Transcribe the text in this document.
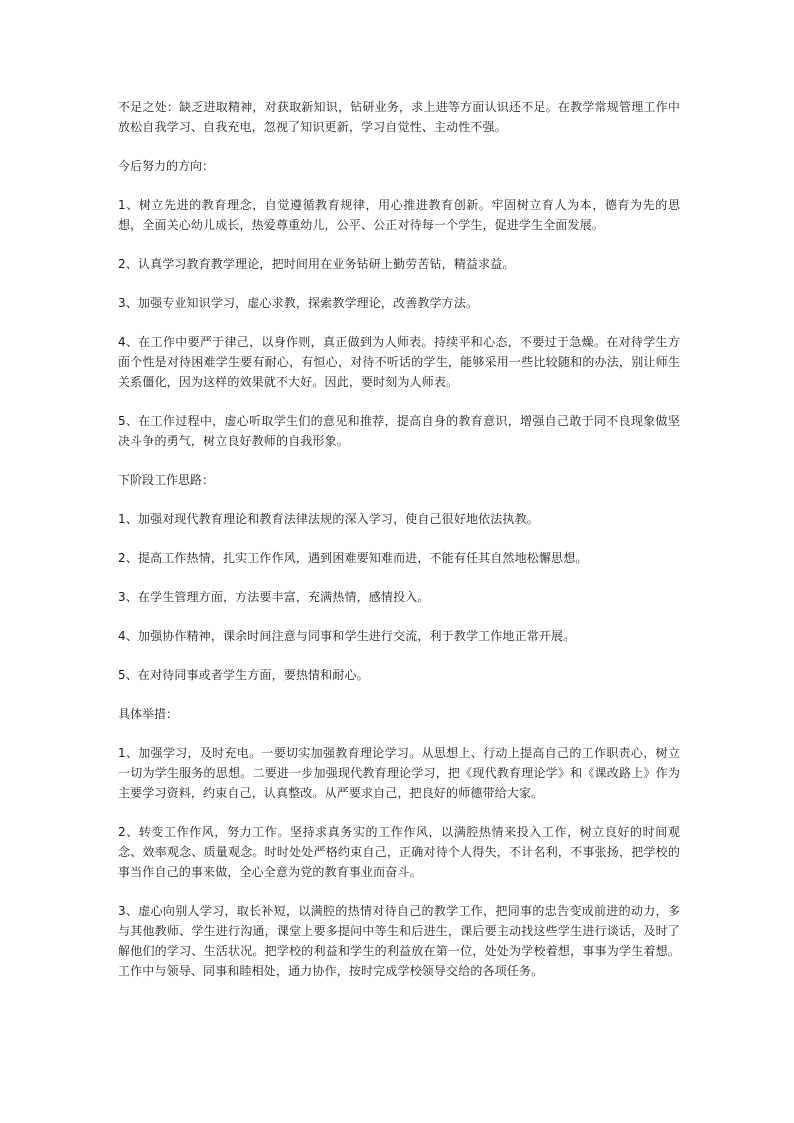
不足之处：缺乏进取精神，对获取新知识，钻研业务，求上进等方面认识还不足。在教学常规管理工作中放松自我学习、自我充电，忽视了知识更新，学习自觉性、主动性不强。

今后努力的方向：

1、树立先进的教育理念，自觉遵循教育规律，用心推进教育创新。牢固树立育人为本，德育为先的思想，全面关心幼儿成长，热爱尊重幼儿，公平、公正对待每一个学生，促进学生全面发展。

2、认真学习教育教学理论，把时间用在业务钻研上勤劳苦钻，精益求益。

3、加强专业知识学习，虚心求教，探索教学理论，改善教学方法。

4、在工作中要严于律己，以身作则，真正做到为人师表。持续平和心态，不要过于急燥。在对待学生方面个性是对待困难学生要有耐心，有恒心，对待不听话的学生，能够采用一些比较随和的办法，别让师生关系僵化，因为这样的效果就不大好。因此，要时刻为人师表。

5、在工作过程中，虚心听取学生们的意见和推荐，提高自身的教育意识，增强自己敢于同不良现象做坚决斗争的勇气，树立良好教师的自我形象。

下阶段工作思路：

1、加强对现代教育理论和教育法律法规的深入学习，使自己很好地依法执教。

2、提高工作热情，扎实工作作风，遇到困难要知难而进，不能有任其自然地松懈思想。

3、在学生管理方面，方法要丰富，充满热情，感情投入。

4、加强协作精神，课余时间注意与同事和学生进行交流，利于教学工作地正常开展。

5、在对待同事或者学生方面，要热情和耐心。

具体举措：

1、加强学习，及时充电。一要切实加强教育理论学习。从思想上、行动上提高自己的工作职责心，树立一切为学生服务的思想。二要进一步加强现代教育理论学习，把《现代教育理论学》和《课改路上》作为主要学习资料，约束自己，认真整改。从严要求自己，把良好的师德带给大家。

2、转变工作作风，努力工作。坚持求真务实的工作作风，以满腔热情来投入工作，树立良好的时间观念、效率观念、质量观念。时时处处严格约束自己，正确对待个人得失，不计名利，不事张扬，把学校的事当作自己的事来做，全心全意为党的教育事业而奋斗。

3、虚心向别人学习，取长补短，以满腔的热情对待自己的教学工作，把同事的忠告变成前进的动力，多与其他教师、学生进行沟通，课堂上要多提问中等生和后进生，课后要主动找这些学生进行谈话，及时了解他们的学习、生活状况。把学校的利益和学生的利益放在第一位，处处为学校着想，事事为学生着想。工作中与领导、同事和睦相处，通力协作，按时完成学校领导交给的各项任务。
